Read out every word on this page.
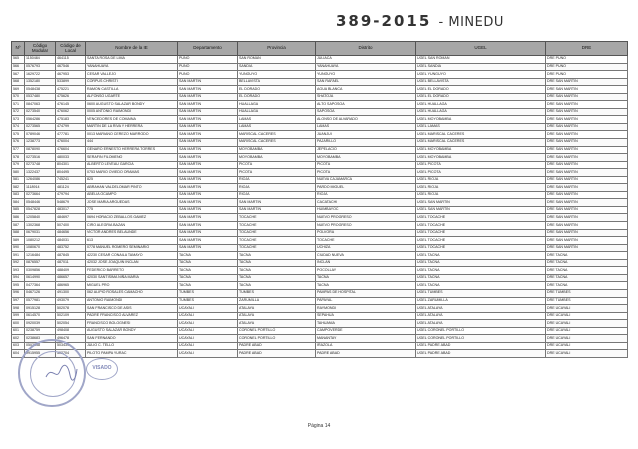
389-2015 - MINEDU
Nº	Código Modular	Código de Local	Nombre de la IE	Departamento	Provincia	Distrito	UGEL	DRE
565	1150484	464115	SANTA ROSA DE LIMA	PUNO	SAN ROMAN	JULIACA	UGEL SAN ROMAN	DRE PUNO
566	0576793	467546	YANAHUAYA	PUNO	SANDIA	YANAHUAYA	UGEL SANDIA	DRE PUNO
567	1629722	467953	CESAR VALLEJO	PUNO	YUNGUYO	YUNGUYO	UGEL YUNGUYO	DRE PUNO
568	1352180	533899	CORPUS CHRISTI	SAN MARTIN	BELLAVISTA	SAN RAFAEL	UGEL BELLAVISTA	DRE SAN MARTIN
569	0548438	475221	RAMON CASTILLA	SAN MARTIN	EL DORADO	AGUA BLANCA	UGEL EL DORADO	DRE SAN MARTIN
570	0537480	475626	ALFONSO UGARTE	SAN MARTIN	EL DORADO	SHATOJA	UGEL EL DORADO	DRE SAN MARTIN
571	0847063	476145	0600 AUGUSTO SALAZAR BONDY	SAN MARTIN	HUALLAGA	ALTO SAPOSOA	UGEL HUALLAGA	DRE SAN MARTIN
572	0273540	476062	0005 ANTONIO RAIMONDI	SAN MARTIN	HUALLAGA	SAPOSOA	UGEL HUALLAGA	DRE SAN MARTIN
573	0564286	475183	VENCEDORES DE COMAINA	SAN MARTIN	LAMAS	ALONSO DE ALVARADO	UGEL MOYOBAMBA	DRE SAN MARTIN
574	0273565	474799	MARTIN DE LA RIVA Y HERRERA	SAN MARTIN	LAMAS	LAMAS	UGEL LAMAS	DRE SAN MARTIN
575	0789046	477781	0013 MARIANO CEREZO MARRODO	SAN MARTIN	MARISCAL CACERES	JUANJUI	UGEL MARISCAL CACERES	DRE SAN MARTIN
576	1238773	476004	444	SAN MARTIN	MARISCAL CACERES	PAJARILLO	UGEL MARISCAL CACERES	DRE SAN MARTIN
577	0878090	476604	GENARO ERNESTO HERRERA TORRES	SAN MARTIN	MOYOBAMBA	JEPELACIO	UGEL MOYOBAMBA	DRE SAN MARTIN
578	0273516	480033	SERAFIN FILOMENO	SAN MARTIN	MOYOBAMBA	MOYOBAMBA	UGEL MOYOBAMBA	DRE SAN MARTIN
579	0273748	804301	ALBERTO LEVEAU GARCIA	SAN MARTIN	PICOTA	PICOTA	UGEL PICOTA	DRE SAN MARTIN
580	1322437	804495	0753 MARIO OVIEDO ORAMAS	SAN MARTIN	PICOTA	PICOTA	UGEL PICOTA	DRE SAN MARTIN
581	1264086	745241	825	SAN MARTIN	RIOJA	NUEVA CAJAMARCA	UGEL RIOJA	DRE SAN MARTIN
582	1118914	481124	ABRAHAN VALDELOMAR PINTO	SAN MARTIN	RIOJA	PARDO MIGUEL	UGEL RIOJA	DRE SAN MARTIN
583	0273664	479794	ABELIA OCAMPO	SAN MARTIN	RIOJA	RIOJA	UGEL RIOJA	DRE SAN MARTIN
584	0548446	548679	JOSE MARIA ARGUEDAS	SAN MARTIN	SAN MARTIN	CACATACHI	UGEL SAN MARTIN	DRE SAN MARTIN
585	0547828	483017	775	SAN MARTIN	SAN MARTIN	HUIMBAYOC	UGEL SAN MARTIN	DRE SAN MARTIN
586	1205840	484697	0694 HORACIO ZEBALLOS GAMEZ	SAN MARTIN	TOCACHE	NUEVO PROGRESO	UGEL TOCACHE	DRE SAN MARTIN
587	1302368	507400	CIRO ALEGRIA BAZAN	SAN MARTIN	TOCACHE	NUEVO PROGRESO	UGEL TOCACHE	DRE SAN MARTIN
588	0679031	484656	VICTOR ANDRES BELAUNDE	SAN MARTIN	TOCACHE	POLVORA	UGEL TOCACHE	DRE SAN MARTIN
589	1080212	484031	613	SAN MARTIN	TOCACHE	TOCACHE	UGEL TOCACHE	DRE SAN MARTIN
590	1080670	483752	0778 MANUEL ROMERO SEMINARIO	SAN MARTIN	TOCACHE	UCHIZA	UGEL TOCACHE	DRE SAN MARTIN
591	1216484	487845	42230 CESAR CONAILA TAMAYO	TACNA	TACNA	CIUDAD NUEVA	UGEL TACNA	DRE TACNA
592	0876557	487011	42032 JOSE JOAQUIN INCLAN	TACNA	TACNA	INCLAN	UGEL TACNA	DRE TACNA
593	0309856	488409	FEDERICO BARRETO	TACNA	TACNA	POCOLLAY	UGEL TACNA	DRE TACNA
594	0614990	486657	42030 SANTISIMA NIÑA MARIA	TACNA	TACNA	TACNA	UGEL TACNA	DRE TACNA
595	0477364	486965	MIGUEL PRO	TACNA	TACNA	TACNA	UGEL TACNA	DRE TACNA
596	0467126	491300	062 ALIPIO ROSALES CAMACHO	TUMBES	TUMBES	PAMPAS DE HOSPITAL	UGEL TUMBES	DRE TUMBES
597	0577981	493079	ANTONIO RAIMONDI	TUMBES	ZARUMILLA	PAPAYAL	UGEL ZARUMILLA	DRE TUMBES
598	0915128	502078	SAN FRANCISCO DE ASIS	UCAYALI	ATALAYA	RAYMONDI	UGEL ATALAYA	DRE UCAYALI
599	0614570	502109	PADRE FRANCISCO ALVAREZ	UCAYALI	ATALAYA	SEPAHUA	UGEL ATALAYA	DRE UCAYALI
600	0920039	502054	FRANCISCO BOLOGNESI	UCAYALI	ATALAYA	TAHUANIA	UGEL ATALAYA	DRE UCAYALI
601	0238759	498408	AUGUSTO SALAZAR BONDY	UCAYALI	CORONEL PORTILLO	CAMPOVERDE	UGEL CORONEL PORTILLO	DRE UCAYALI
602	0238683	496478	SAN FERNANDO	UCAYALI	CORONEL PORTILLO	MANANTAY	UGEL CORONEL PORTILLO	DRE UCAYALI
603	0503538	503439	JULIO C. TELLO	UCAYALI	PADRE ABAD	IRAZOLA	UGEL PADRE ABAD	DRE UCAYALI
604	0915955	502704	PILOTO PAMPA YURAC	UCAYALI	PADRE ABAD	PADRE ABAD	UGEL PADRE ABAD	DRE UCAYALI
VISADO
Página 14
